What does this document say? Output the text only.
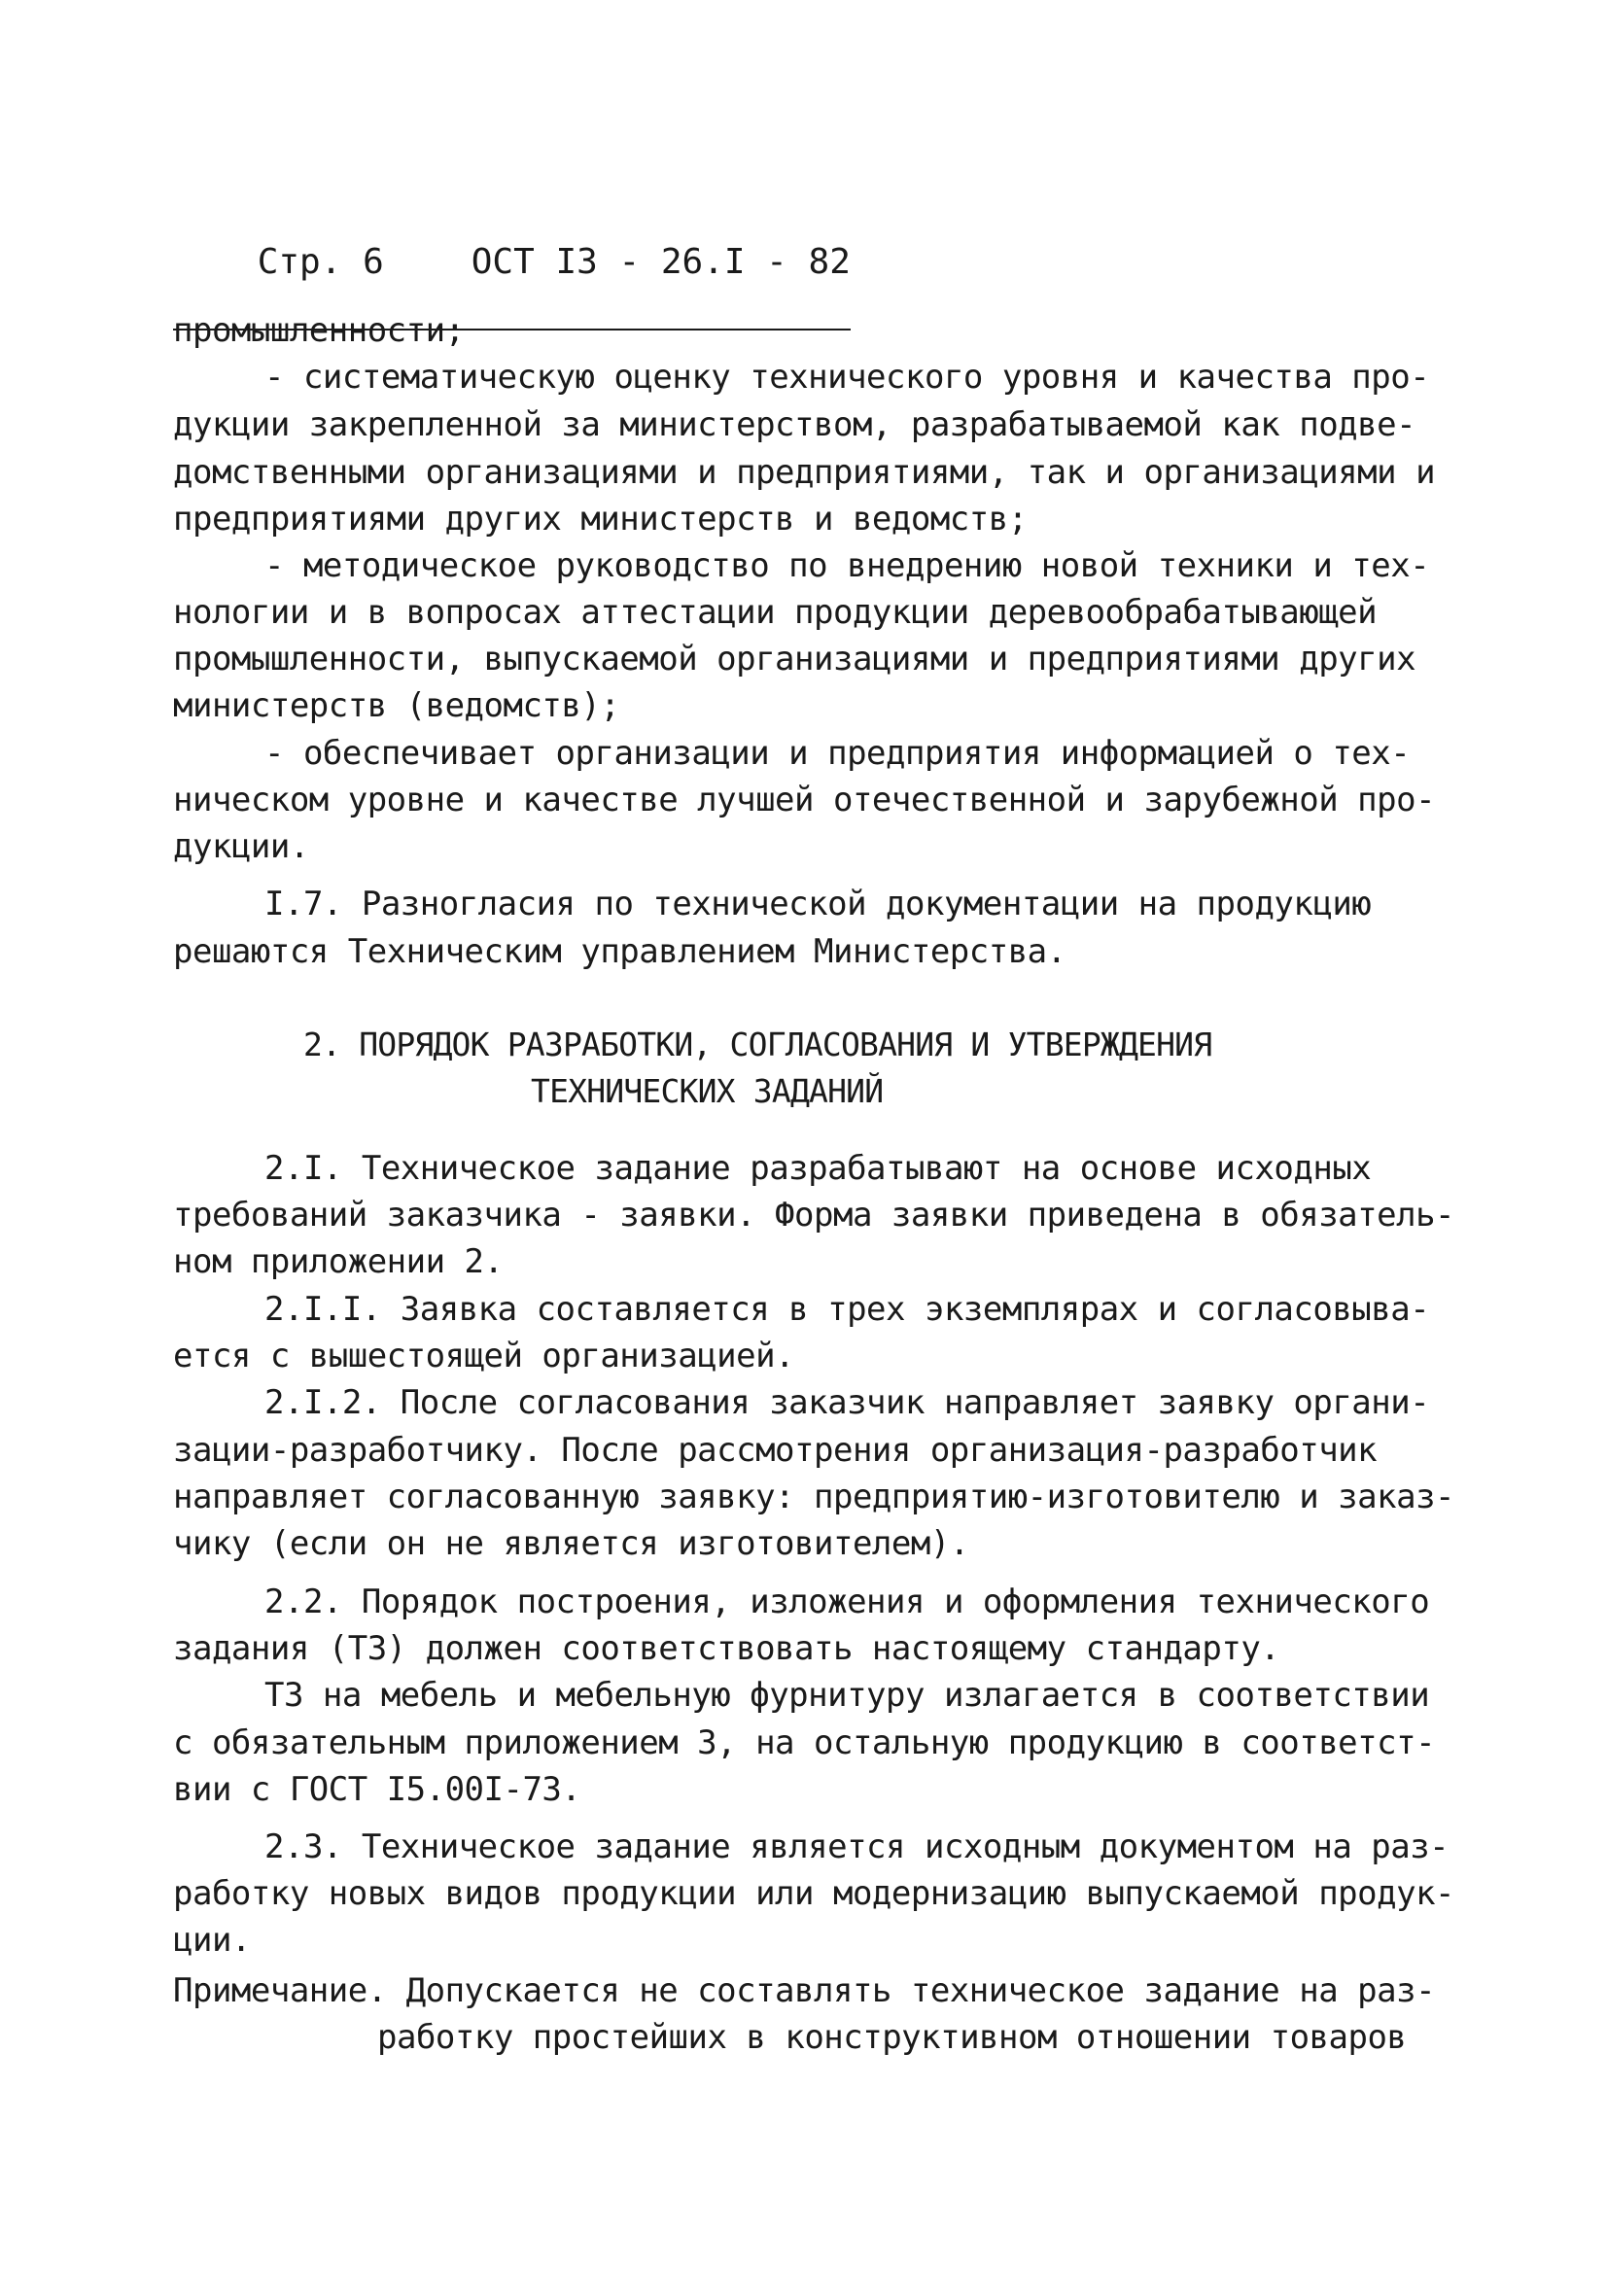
Стр. 6	ОСТ I3 - 26.I - 82

промышленности;
- систематическую оценку технического уровня и качества про-
дукции закрепленной за министерством, разрабатываемой как подве-
домственными организациями и предприятиями, так и организациями и
предприятиями других министерств и ведомств;
- методическое руководство по внедрению новой техники и тех-
нологии и в вопросах аттестации продукции деревообрабатывающей
промышленности, выпускаемой организациями и предприятиями других
министерств (ведомств);
- обеспечивает организации и предприятия информацией о тех-
ническом уровне и качестве лучшей отечественной и зарубежной про-
дукции.
I.7. Разногласия по технической документации на продукцию
решаются Техническим управлением Министерства.
2. ПОРЯДОК РАЗРАБОТКИ, СОГЛАСОВАНИЯ И УТВЕРЖДЕНИЯ
ТЕХНИЧЕСКИХ ЗАДАНИЙ
2.I. Техническое задание разрабатывают на основе исходных
требований заказчика - заявки. Форма заявки приведена в обязатель-
ном приложении 2.
2.I.I. Заявка составляется в трех экземплярах и согласовыва-
ется с вышестоящей организацией.
2.I.2. После согласования заказчик направляет заявку органи-
зации-разработчику. После рассмотрения организация-разработчик
направляет согласованную заявку: предприятию-изготовителю и заказ-
чику (если он не является изготовителем).
2.2. Порядок построения, изложения и оформления технического
задания (ТЗ) должен соответствовать настоящему стандарту.
ТЗ на мебель и мебельную фурнитуру излагается в соответствии
с обязательным приложением 3, на остальную продукцию в соответст-
вии с ГОСТ I5.00I-73.
2.3. Техническое задание является исходным документом на раз-
работку новых видов продукции или модернизацию выпускаемой продук-
ции.
Примечание. Допускается не составлять техническое задание на раз-
работку простейших в конструктивном отношении товаров
